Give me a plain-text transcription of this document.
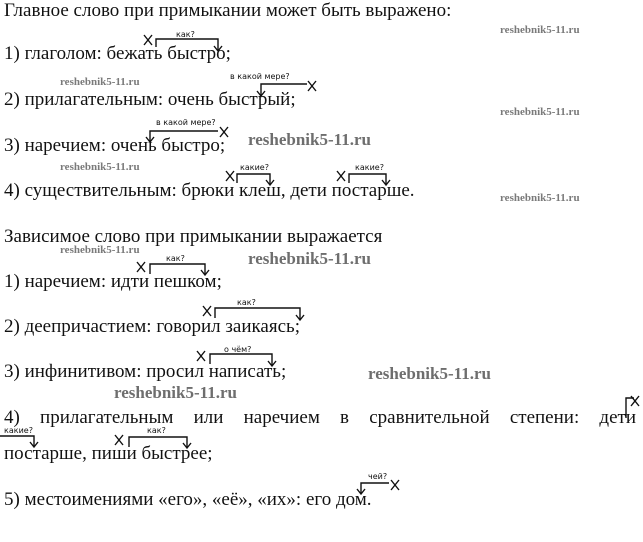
Главное слово при примыкании может быть выражено:
1) глаголом: бежать быстро;
2) прилагательным: очень быстрый;
3) наречием: очень быстро;
4) существительным: брюки клеш, дети постарше.
Зависимое слово при примыкании выражается
1) наречием: идти пешком;
2) деепричастием: говорил заикаясь;
3) инфинитивом: просил написать;
4) прилагательным или наречием в сравнительной степени: дети
постарше, пиши быстрее;
5) местоимениями «его», «её», «их»: его дом.
как?
в какой мере?
в какой мере?
какие?	какие?
как?
как?
о чём?
какие?	как?
чей?
reshebnik5-11.ru
reshebnik5-11.ru
reshebnik5-11.ru
reshebnik5-11.ru
reshebnik5-11.ru
reshebnik5-11.ru
reshebnik5-11.ru	reshebnik5-11.ru
reshebnik5-11.ru
reshebnik5-11.ru
